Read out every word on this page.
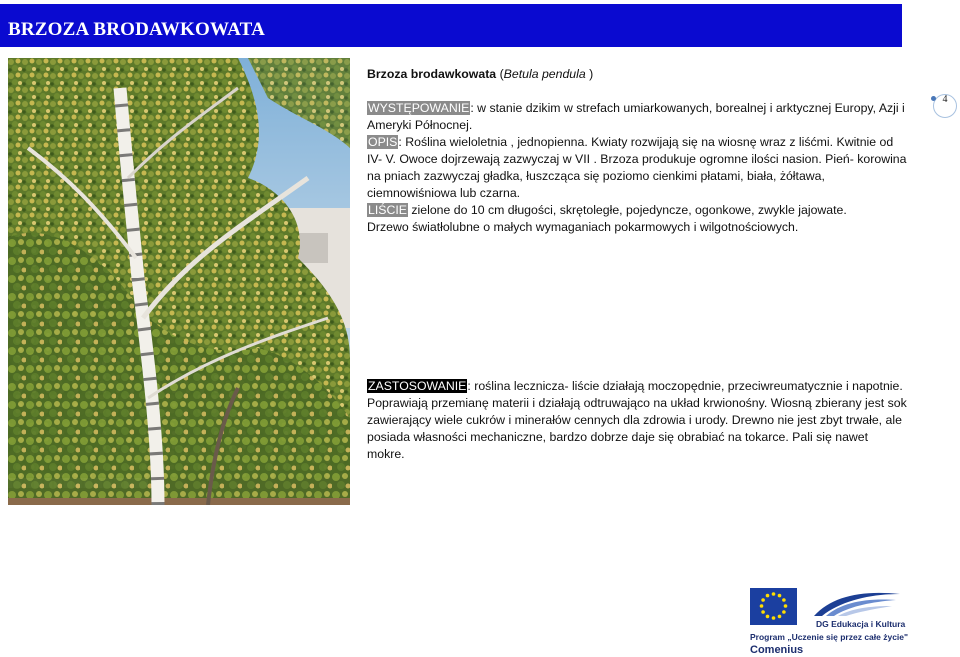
BRZOZA BRODAWKOWATA

Brzoza brodawkowata (Betula pendula )

WYSTĘPOWANIE: w stanie dzikim w strefach umiarkowanych, borealnej i arktycznej Europy, Azji i Ameryki Północnej.

OPIS: Roślina wieloletnia , jednopienna. Kwiaty rozwijają się na wiosnę wraz z liśćmi. Kwitnie od IV- V. Owoce dojrzewają zazwyczaj w VII . Brzoza produkuje ogromne ilości nasion. Pień- korowina na pniach zazwyczaj gładka, łuszcząca się poziomo cienkimi płatami, biała, żółtawa, ciemnowiśniowa lub czarna.

LIŚCIE zielone do 10 cm długości, skrętoległe, pojedyncze, ogonkowe, zwykle jajowate.

Drzewo światłolubne o małych wymaganiach pokarmowych i wilgotnościowych.

ZASTOSOWANIE: roślina lecznicza- liście działają moczopędnie, przeciwreumatycznie i napotnie. Poprawiają przemianę materii i działają odtruwająco na układ krwionośny. Wiosną zbierany jest sok zawierający wiele cukrów i minerałów cennych dla zdrowia i urody. Drewno nie jest zbyt trwałe, ale posiada własności mechaniczne, bardzo dobrze daje się obrabiać na tokarce. Pali się nawet mokre.

4
DG Edukacja i Kultura
Program „Uczenie się przez całe życie"
Comenius
